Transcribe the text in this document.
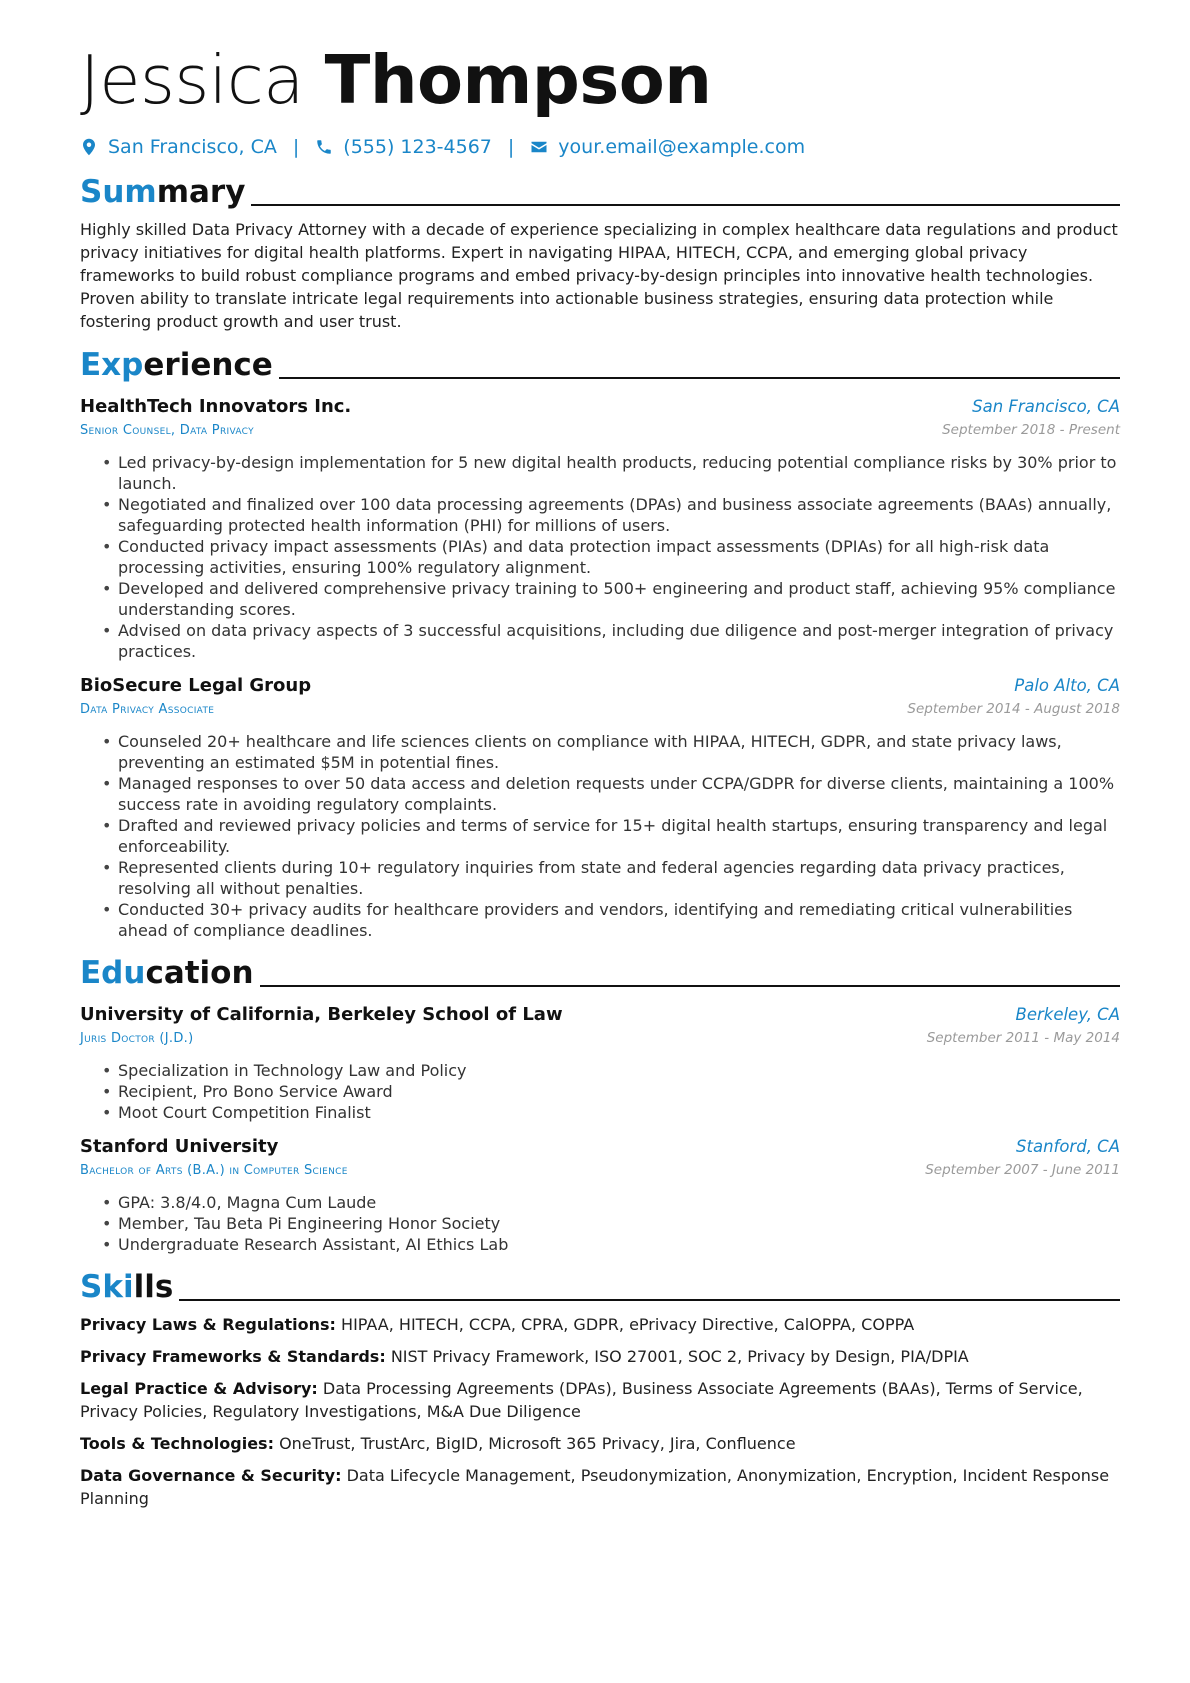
Jessica Thompson
San Francisco, CA | (555) 123-4567 | your.email@example.com
Summary
Highly skilled Data Privacy Attorney with a decade of experience specializing in complex healthcare data regulations and product privacy initiatives for digital health platforms. Expert in navigating HIPAA, HITECH, CCPA, and emerging global privacy frameworks to build robust compliance programs and embed privacy-by-design principles into innovative health technologies. Proven ability to translate intricate legal requirements into actionable business strategies, ensuring data protection while fostering product growth and user trust.
Experience
HealthTech Innovators Inc.	San Francisco, CA
Senior Counsel, Data Privacy	September 2018 - Present
• Led privacy-by-design implementation for 5 new digital health products, reducing potential compliance risks by 30% prior to launch.
• Negotiated and finalized over 100 data processing agreements (DPAs) and business associate agreements (BAAs) annually, safeguarding protected health information (PHI) for millions of users.
• Conducted privacy impact assessments (PIAs) and data protection impact assessments (DPIAs) for all high-risk data processing activities, ensuring 100% regulatory alignment.
• Developed and delivered comprehensive privacy training to 500+ engineering and product staff, achieving 95% compliance understanding scores.
• Advised on data privacy aspects of 3 successful acquisitions, including due diligence and post-merger integration of privacy practices.
BioSecure Legal Group	Palo Alto, CA
Data Privacy Associate	September 2014 - August 2018
• Counseled 20+ healthcare and life sciences clients on compliance with HIPAA, HITECH, GDPR, and state privacy laws, preventing an estimated $5M in potential fines.
• Managed responses to over 50 data access and deletion requests under CCPA/GDPR for diverse clients, maintaining a 100% success rate in avoiding regulatory complaints.
• Drafted and reviewed privacy policies and terms of service for 15+ digital health startups, ensuring transparency and legal enforceability.
• Represented clients during 10+ regulatory inquiries from state and federal agencies regarding data privacy practices, resolving all without penalties.
• Conducted 30+ privacy audits for healthcare providers and vendors, identifying and remediating critical vulnerabilities ahead of compliance deadlines.
Education
University of California, Berkeley School of Law	Berkeley, CA
Juris Doctor (J.D.)	September 2011 - May 2014
• Specialization in Technology Law and Policy
• Recipient, Pro Bono Service Award
• Moot Court Competition Finalist
Stanford University	Stanford, CA
Bachelor of Arts (B.A.) in Computer Science	September 2007 - June 2011
• GPA: 3.8/4.0, Magna Cum Laude
• Member, Tau Beta Pi Engineering Honor Society
• Undergraduate Research Assistant, AI Ethics Lab
Skills
Privacy Laws & Regulations: HIPAA, HITECH, CCPA, CPRA, GDPR, ePrivacy Directive, CalOPPA, COPPA
Privacy Frameworks & Standards: NIST Privacy Framework, ISO 27001, SOC 2, Privacy by Design, PIA/DPIA
Legal Practice & Advisory: Data Processing Agreements (DPAs), Business Associate Agreements (BAAs), Terms of Service, Privacy Policies, Regulatory Investigations, M&A Due Diligence
Tools & Technologies: OneTrust, TrustArc, BigID, Microsoft 365 Privacy, Jira, Confluence
Data Governance & Security: Data Lifecycle Management, Pseudonymization, Anonymization, Encryption, Incident Response Planning
